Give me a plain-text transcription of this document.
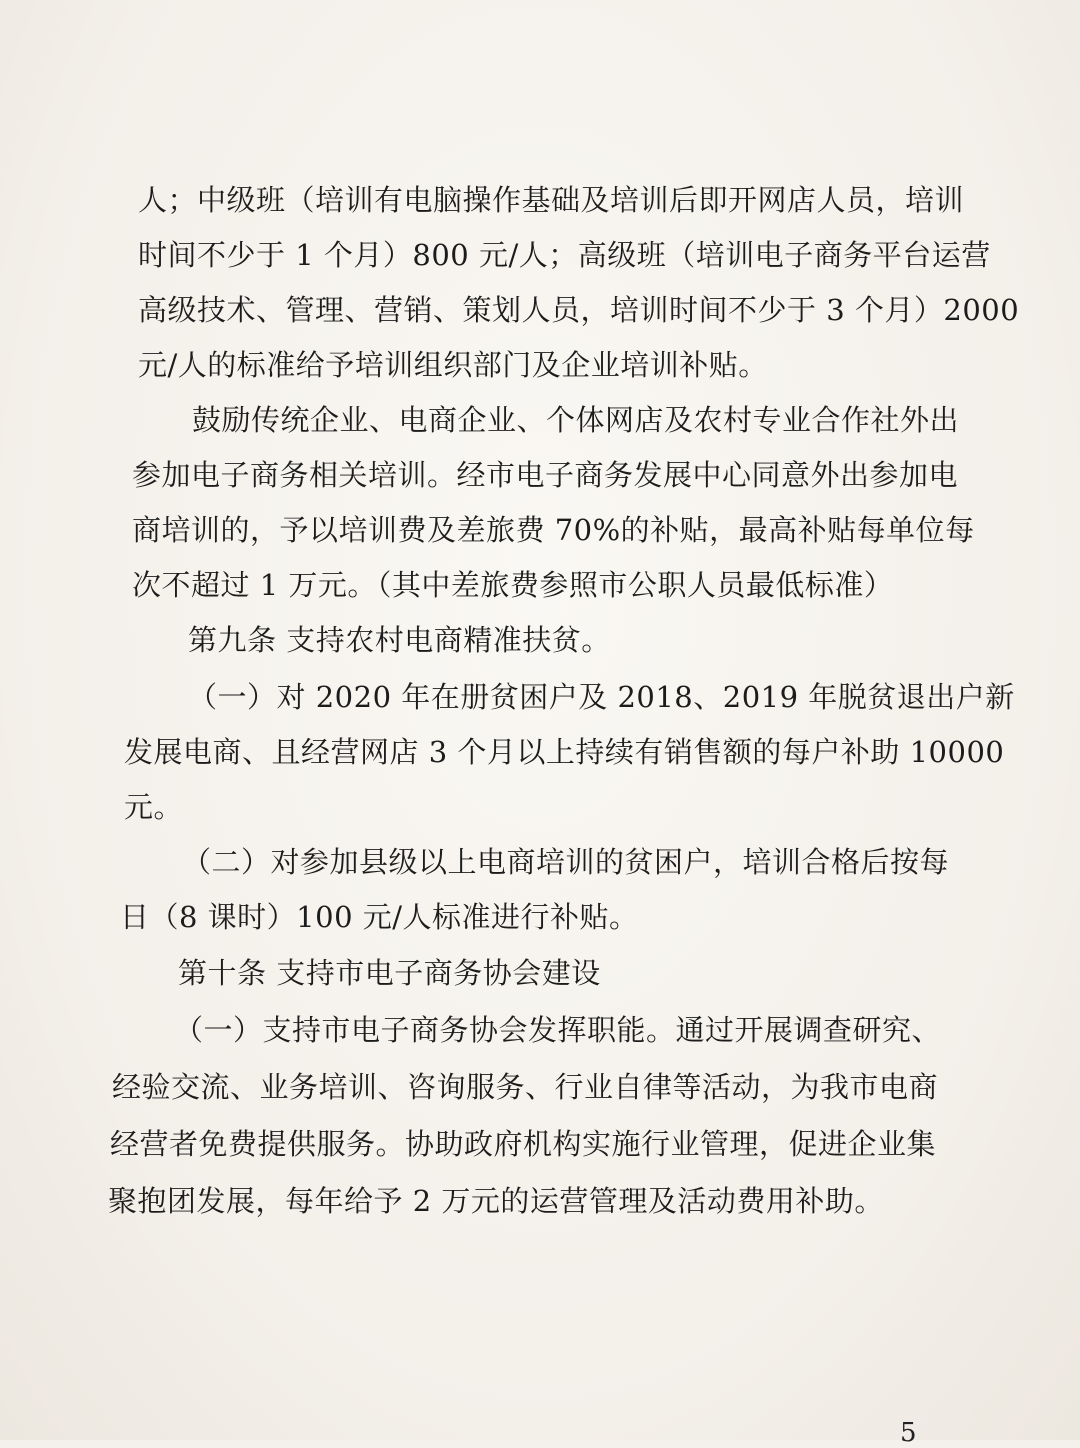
人；中级班（培训有电脑操作基础及培训后即开网店人员，培训
时间不少于 1 个月）800 元/人；高级班（培训电子商务平台运营
高级技术、管理、营销、策划人员，培训时间不少于 3 个月）2000
元/人的标准给予培训组织部门及企业培训补贴。
鼓励传统企业、电商企业、个体网店及农村专业合作社外出
参加电子商务相关培训。经市电子商务发展中心同意外出参加电
商培训的，予以培训费及差旅费 70%的补贴，最高补贴每单位每
次不超过 1 万元。（其中差旅费参照市公职人员最低标准）
第九条 支持农村电商精准扶贫。
（一）对 2020 年在册贫困户及 2018、2019 年脱贫退出户新
发展电商、且经营网店 3 个月以上持续有销售额的每户补助 10000
元。
（二）对参加县级以上电商培训的贫困户，培训合格后按每
日（8 课时）100 元/人标准进行补贴。
第十条 支持市电子商务协会建设
（一）支持市电子商务协会发挥职能。通过开展调查研究、
经验交流、业务培训、咨询服务、行业自律等活动，为我市电商
经营者免费提供服务。协助政府机构实施行业管理，促进企业集
聚抱团发展，每年给予 2 万元的运营管理及活动费用补助。
5
